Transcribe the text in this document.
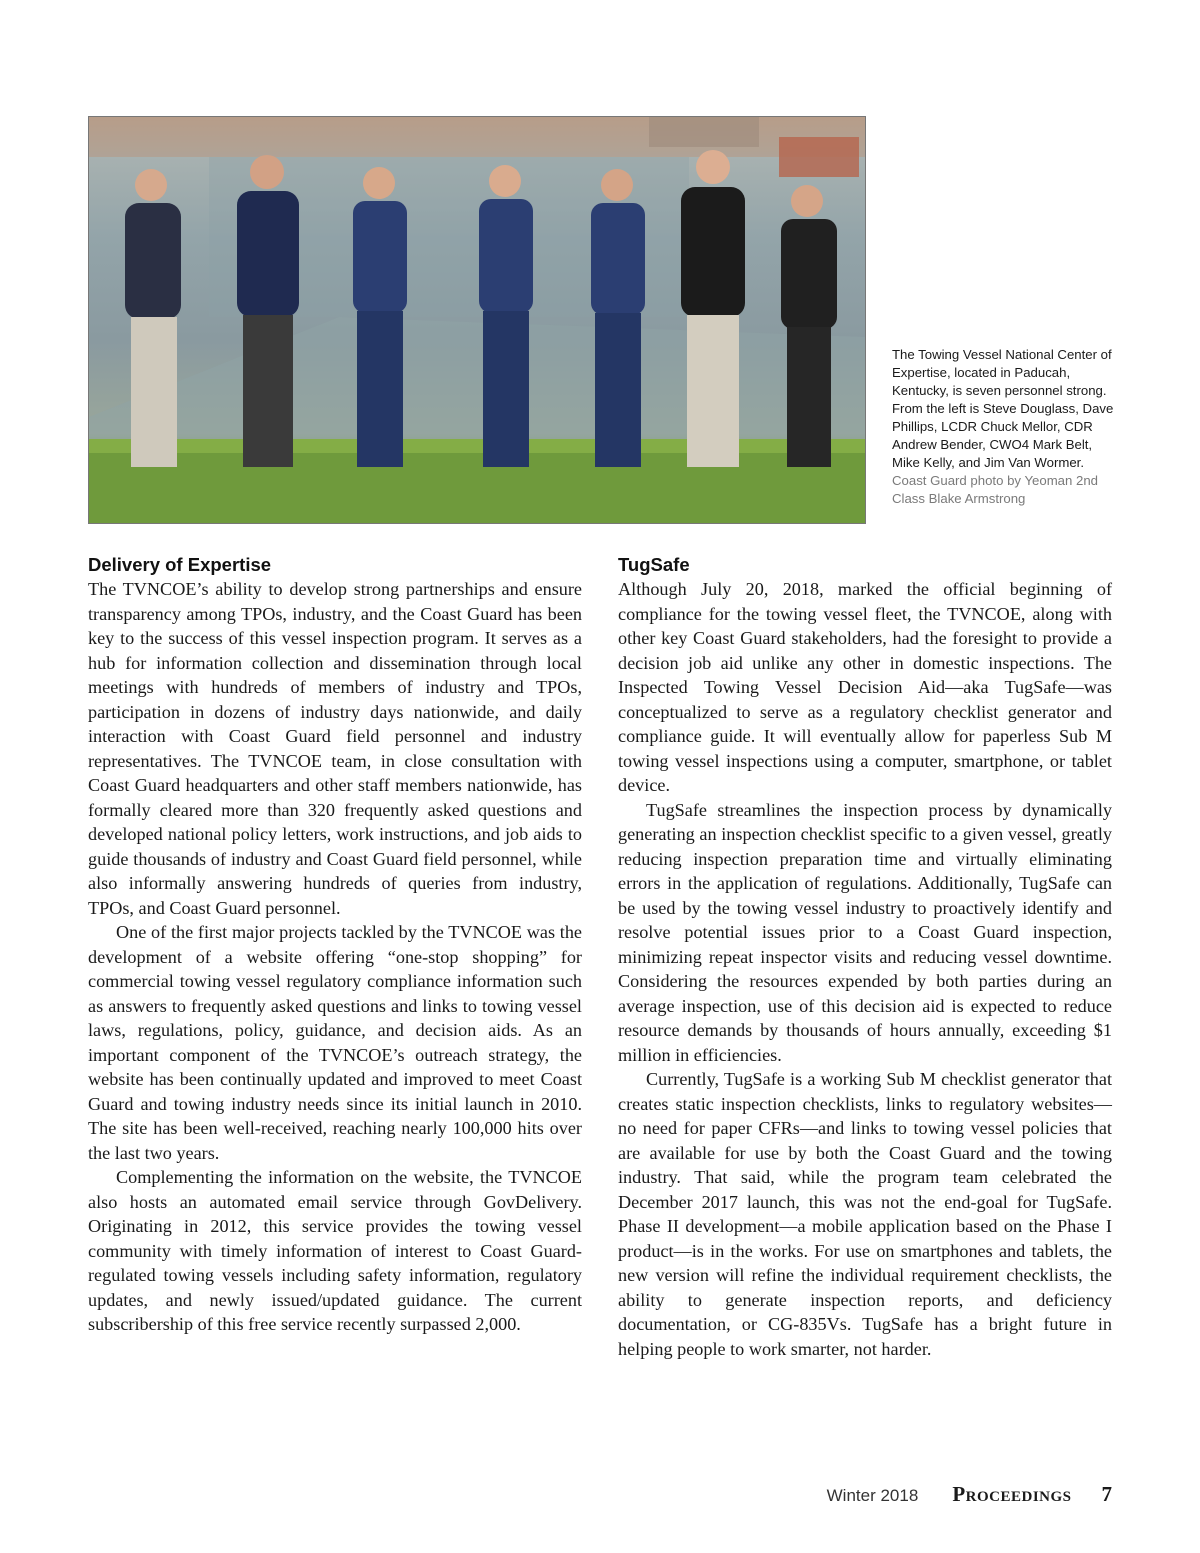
The Towing Vessel National Center of Expertise, located in Paducah, Kentucky, is seven personnel strong. From the left is Steve Douglass, Dave Phillips, LCDR Chuck Mellor, CDR Andrew Bender, CWO4 Mark Belt, Mike Kelly, and Jim Van Wormer. Coast Guard photo by Yeoman 2nd Class Blake Armstrong
Delivery of Expertise

The TVNCOE’s ability to develop strong partnerships and ensure transparency among TPOs, industry, and the Coast Guard has been key to the success of this vessel inspection program. It serves as a hub for information collection and dissemination through local meetings with hundreds of members of industry and TPOs, participation in dozens of industry days nationwide, and daily interaction with Coast Guard field personnel and industry representatives. The TVNCOE team, in close consultation with Coast Guard headquarters and other staff members nationwide, has formally cleared more than 320 frequently asked questions and developed national policy letters, work instructions, and job aids to guide thousands of industry and Coast Guard field personnel, while also informally answering hundreds of queries from industry, TPOs, and Coast Guard personnel.

One of the first major projects tackled by the TVNCOE was the development of a website offering “one-stop shopping” for commercial towing vessel regulatory compliance information such as answers to frequently asked questions and links to towing vessel laws, regulations, policy, guidance, and decision aids. As an important component of the TVNCOE’s outreach strategy, the website has been continually updated and improved to meet Coast Guard and towing industry needs since its initial launch in 2010. The site has been well-received, reaching nearly 100,000 hits over the last two years.

Complementing the information on the website, the TVNCOE also hosts an automated email service through GovDelivery. Originating in 2012, this service provides the towing vessel community with timely information of interest to Coast Guard-regulated towing vessels including safety information, regulatory updates, and newly issued/updated guidance. The current subscribership of this free service recently surpassed 2,000.

TugSafe

Although July 20, 2018, marked the official beginning of compliance for the towing vessel fleet, the TVNCOE, along with other key Coast Guard stakeholders, had the foresight to provide a decision job aid unlike any other in domestic inspections. The Inspected Towing Vessel Decision Aid—aka TugSafe—was conceptualized to serve as a regulatory checklist generator and compliance guide. It will eventually allow for paperless Sub M towing vessel inspections using a computer, smartphone, or tablet device.

TugSafe streamlines the inspection process by dynamically generating an inspection checklist specific to a given vessel, greatly reducing inspection preparation time and virtually eliminating errors in the application of regulations. Additionally, TugSafe can be used by the towing vessel industry to proactively identify and resolve potential issues prior to a Coast Guard inspection, minimizing repeat inspector visits and reducing vessel downtime. Considering the resources expended by both parties during an average inspection, use of this decision aid is expected to reduce resource demands by thousands of hours annually, exceeding $1 million in efficiencies.

Currently, TugSafe is a working Sub M checklist generator that creates static inspection checklists, links to regulatory websites—no need for paper CFRs—and links to towing vessel policies that are available for use by both the Coast Guard and the towing industry. That said, while the program team celebrated the December 2017 launch, this was not the end-goal for TugSafe. Phase II development—a mobile application based on the Phase I product—is in the works. For use on smartphones and tablets, the new version will refine the individual requirement checklists, the ability to generate inspection reports, and deficiency documentation, or CG-835Vs. TugSafe has a bright future in helping people to work smarter, not harder.

Winter 2018 Proceedings 7
